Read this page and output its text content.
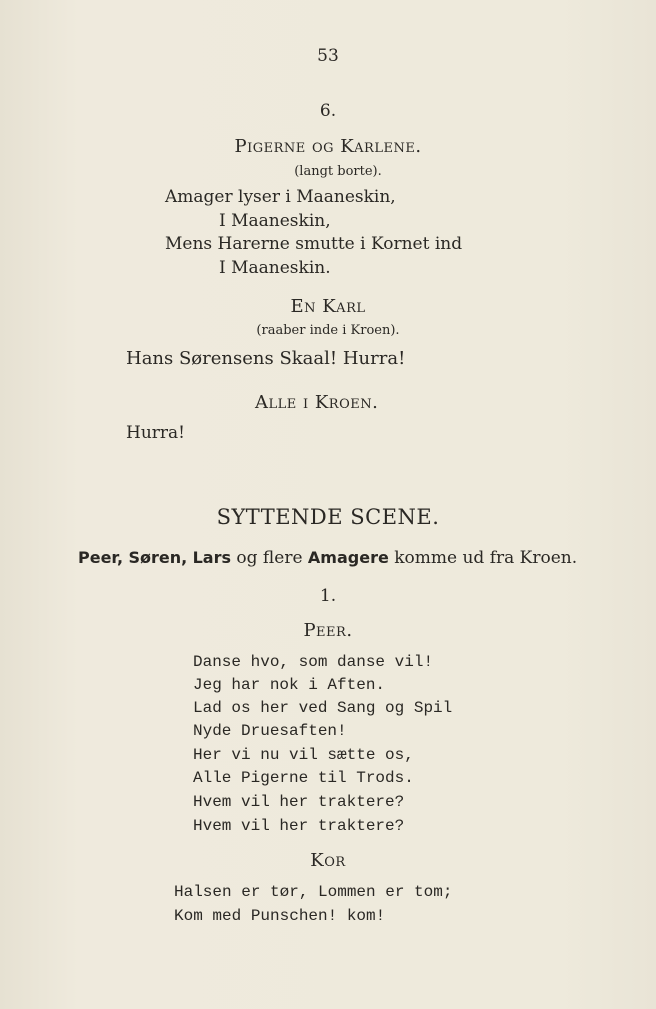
53
6.
Pigerne og Karlene.
(langt borte).
Amager lyser i Maaneskin,
I Maaneskin,
Mens Harerne smutte i Kornet ind
I Maaneskin.
En Karl
(raaber inde i Kroen).
Hans Sørensens Skaal! Hurra!
Alle i Kroen.
Hurra!
SYTTENDE SCENE.
Peer, Søren, Lars og flere Amagere komme ud fra Kroen.
1.
Peer.
Danse hvo, som danse vil!
Jeg har nok i Aften.
Lad os her ved Sang og Spil
Nyde Druesaften!
Her vi nu vil sætte os,
Alle Pigerne til Trods.
Hvem vil her traktere?
Hvem vil her traktere?
Kor
Halsen er tør, Lommen er tom;
Kom med Punschen! kom!
